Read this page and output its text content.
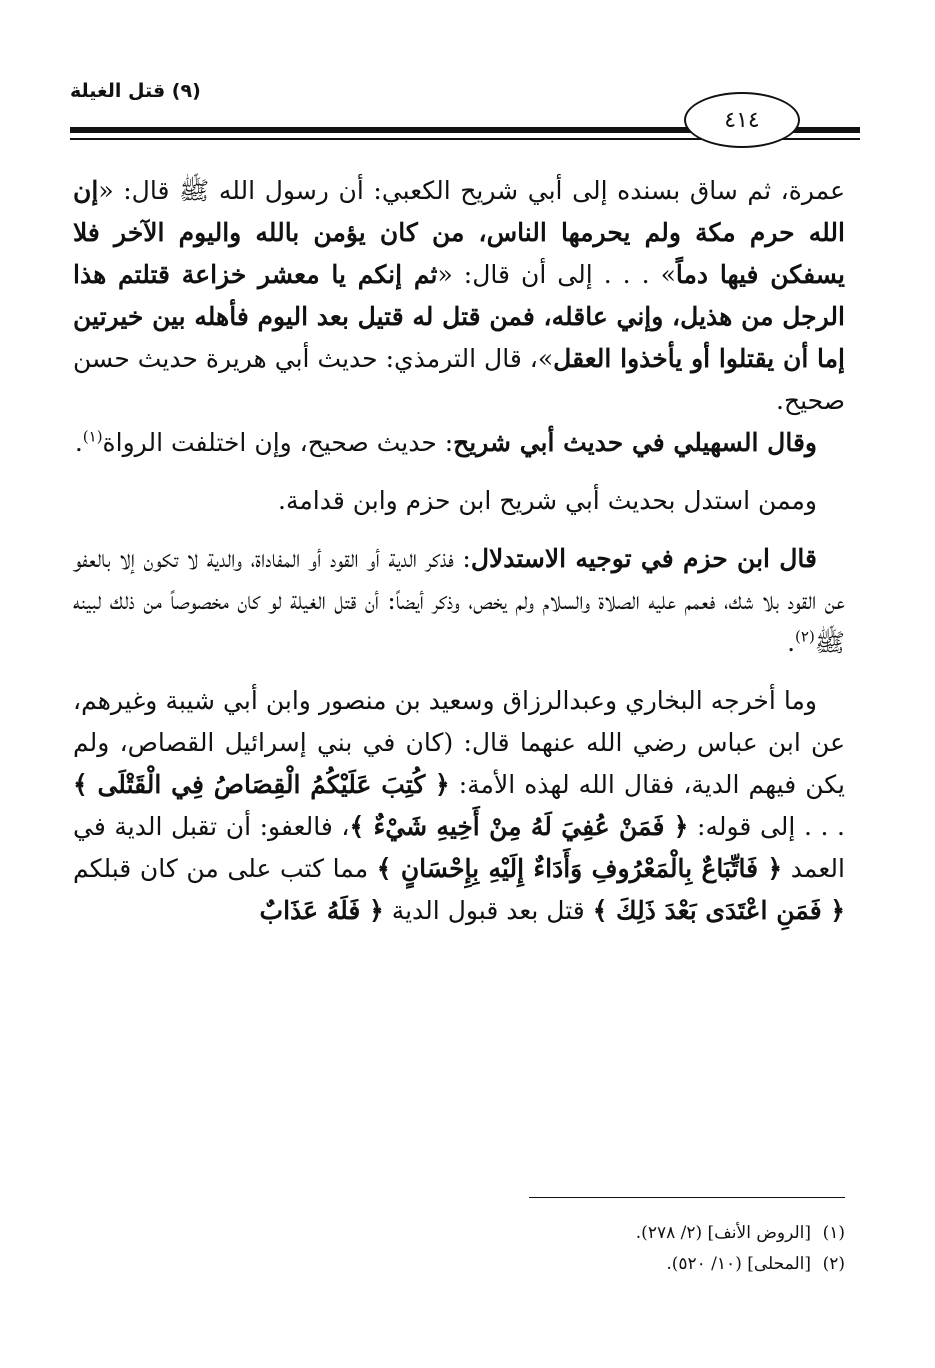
(٩) قتل الغيلة
٤١٤

عمرة، ثم ساق بسنده إلى أبي شريح الكعبي: أن رسول الله ﷺ قال: «إن الله حرم مكة ولم يحرمها الناس، من كان يؤمن بالله واليوم الآخر فلا يسفكن فيها دماً» . . . إلى أن قال: «ثم إنكم يا معشر خزاعة قتلتم هذا الرجل من هذيل، وإني عاقله، فمن قتل له قتيل بعد اليوم فأهله بين خيرتين إما أن يقتلوا أو يأخذوا العقل»، قال الترمذي: حديث أبي هريرة حديث حسن صحيح.

وقال السهيلي في حديث أبي شريح: حديث صحيح، وإن اختلفت الرواة$^{(١)}$.

وممن استدل بحديث أبي شريح ابن حزم وابن قدامة.

قال ابن حزم في توجيه الاستدلال: فذكر الدية أو القود أو المفاداة، والدية لا تكون إلا بالعفو عن القود بلا شك، فعمم عليه الصلاة والسلام ولم يخص، وذكر أيضاً: أن قتل الغيلة لو كان مخصوصاً من ذلك لبينه ﷺ$^{(٢)}$.

وما أخرجه البخاري وعبدالرزاق وسعيد بن منصور وابن أبي شيبة وغيرهم، عن ابن عباس رضي الله عنهما قال: (كان في بني إسرائيل القصاص، ولم يكن فيهم الدية، فقال الله لهذه الأمة: ﴿ كُتِبَ عَلَيْكُمُ الْقِصَاصُ فِي الْقَتْلَى ﴾ . . . إلى قوله: ﴿ فَمَنْ عُفِيَ لَهُ مِنْ أَخِيهِ شَيْءٌ ﴾، فالعفو: أن تقبل الدية في العمد ﴿ فَاتِّبَاعٌ بِالْمَعْرُوفِ وَأَدَاءٌ إِلَيْهِ بِإِحْسَانٍ ﴾ مما كتب على من كان قبلكم ﴿ فَمَنِ اعْتَدَى بَعْدَ ذَلِكَ ﴾ قتل بعد قبول الدية ﴿ فَلَهُ عَذَابٌ

(١)[الروض الأنف] (٢/ ٢٧٨).
(٢)[المحلى] (١٠/ ٥٢٠).
